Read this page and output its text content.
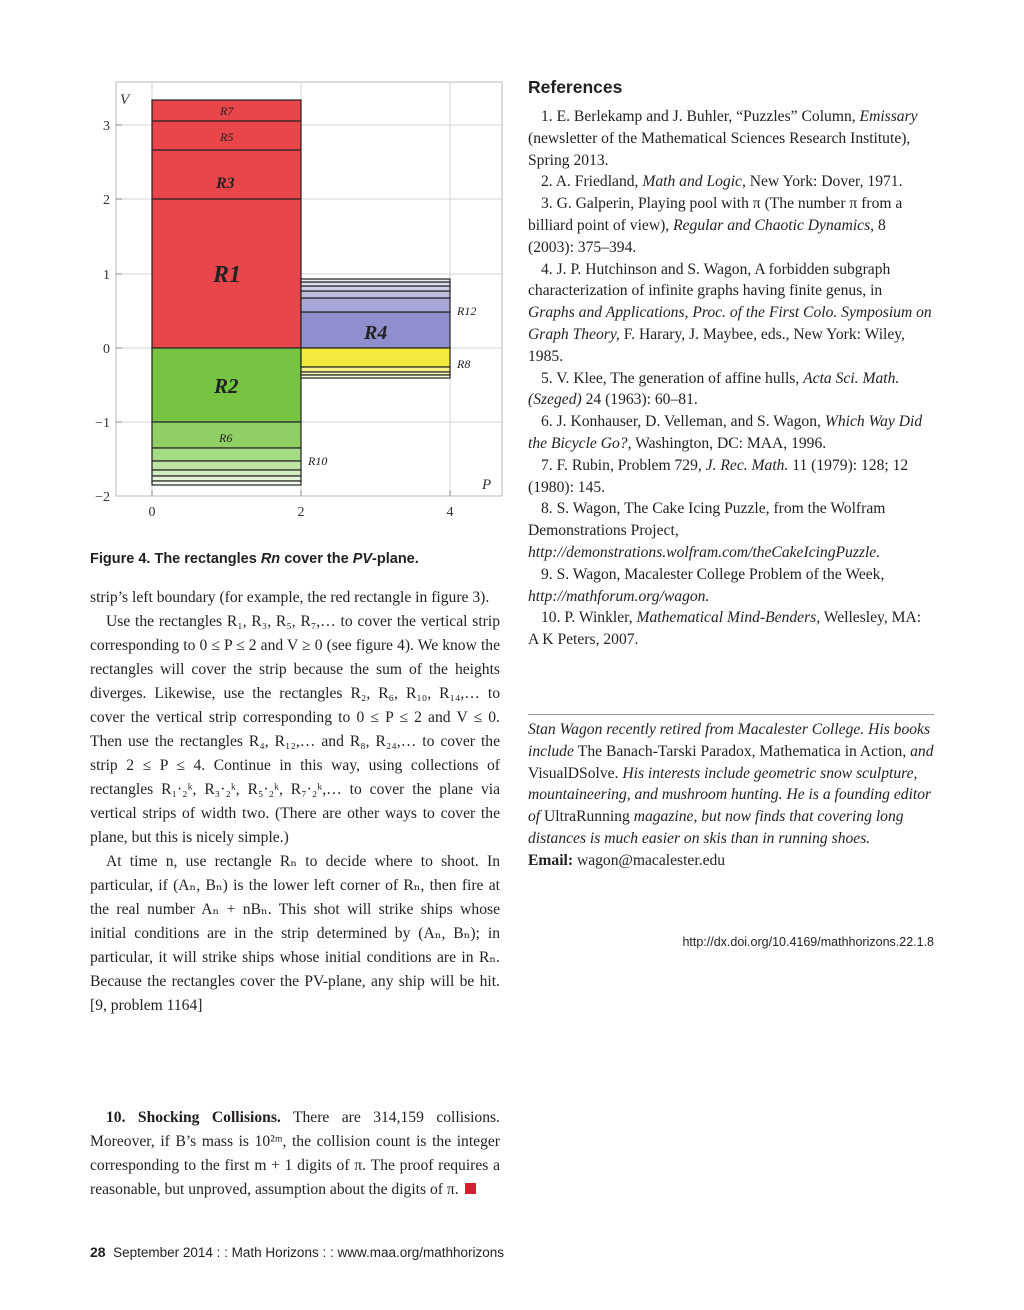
3
2
1
0
−1
−2
0	2	4
V
P
R7
R5
R3
R1
R2
R6
R10
R4
R12
R8
Figure 4. The rectangles Rn cover the PV-plane.

strip’s left boundary (for example, the red rectangle in figure 3).

Use the rectangles R₁, R₃, R₅, R₇,… to cover the vertical strip corresponding to 0 ≤ P ≤ 2 and V ≥ 0 (see figure 4). We know the rectangles will cover the strip because the sum of the heights diverges. Likewise, use the rectangles R₂, R₆, R₁₀, R₁₄,… to cover the vertical strip corresponding to 0 ≤ P ≤ 2 and V ≤ 0. Then use the rectangles R₄, R₁₂,… and R₈, R₂₄,… to cover the strip 2 ≤ P ≤ 4. Continue in this way, using collections of rectangles R₁·₂ᵏ, R₃·₂ᵏ, R₅·₂ᵏ, R₇·₂ᵏ,… to cover the plane via vertical strips of width two. (There are other ways to cover the plane, but this is nicely simple.)

At time n, use rectangle Rₙ to decide where to shoot. In particular, if (Aₙ, Bₙ) is the lower left corner of Rₙ, then fire at the real number Aₙ + nBₙ. This shot will strike ships whose initial conditions are in the strip determined by (Aₙ, Bₙ); in particular, it will strike ships whose initial conditions are in Rₙ. Because the rectangles cover the PV-plane, any ship will be hit. [9, problem 1164]

10. Shocking Collisions. There are 314,159 collisions. Moreover, if B’s mass is 10²ᵐ, the collision count is the integer corresponding to the first m + 1 digits of π. The proof requires a reasonable, but unproved, assumption about the digits of π.

References

1. E. Berlekamp and J. Buhler, “Puzzles” Column, Emissary (newsletter of the Mathematical Sciences Research Institute), Spring 2013.

2. A. Friedland, Math and Logic, New York: Dover, 1971.

3. G. Galperin, Playing pool with π (The number π from a billiard point of view), Regular and Chaotic Dynamics, 8 (2003): 375–394.

4. J. P. Hutchinson and S. Wagon, A forbidden subgraph characterization of infinite graphs having finite genus, in Graphs and Applications, Proc. of the First Colo. Symposium on Graph Theory, F. Harary, J. Maybee, eds., New York: Wiley, 1985.

5. V. Klee, The generation of affine hulls, Acta Sci. Math. (Szeged) 24 (1963): 60–81.

6. J. Konhauser, D. Velleman, and S. Wagon, Which Way Did the Bicycle Go?, Washington, DC: MAA, 1996.

7. F. Rubin, Problem 729, J. Rec. Math. 11 (1979): 128; 12 (1980): 145.

8. S. Wagon, The Cake Icing Puzzle, from the Wolfram Demonstrations Project, http://demonstrations.wolfram.com/theCakeIcingPuzzle.

9. S. Wagon, Macalester College Problem of the Week, http://mathforum.org/wagon.

10. P. Winkler, Mathematical Mind-Benders, Wellesley, MA: A K Peters, 2007.

Stan Wagon recently retired from Macalester College. His books include The Banach-Tarski Paradox, Mathematica in Action, and VisualDSolve. His interests include geometric snow sculpture, mountaineering, and mushroom hunting. He is a founding editor of UltraRunning magazine, but now finds that covering long distances is much easier on skis than in running shoes.

Email: wagon@macalester.edu

http://dx.doi.org/10.4169/mathhorizons.22.1.8
28 September 2014 : : Math Horizons : : www.maa.org/mathhorizons
